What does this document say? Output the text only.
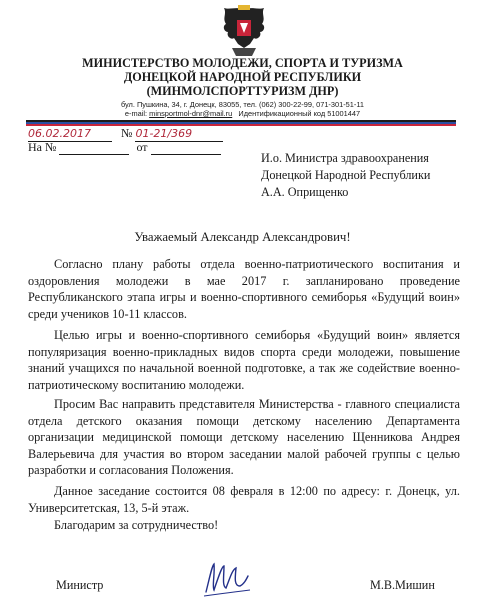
МИНИСТЕРСТВО МОЛОДЕЖИ, СПОРТА И ТУРИЗМА
ДОНЕЦКОЙ НАРОДНОЙ РЕСПУБЛИКИ
(МИНМОЛСПОРТТУРИЗМ ДНР)
бул. Пушкина, 34, г. Донецк, 83055, тел. (062) 300-22-99, 071-301-51-11
e-mail: minsportmol-dnr@mail.ru Идентификационный код 51001447
06.02.2017	№ 01-21/369
На №	от
И.о. Министра здравоохранения
Донецкой Народной Республики
А.А. Оприщенко
Уважаемый Александр Александрович!

Согласно плану работы отдела военно-патриотического воспитания и оздоровления молодежи в мае 2017 г. запланировано проведение Республиканского этапа игры и военно-спортивного семиборья «Будущий воин» среди учеников 10-11 классов.

Целью игры и военно-спортивного семиборья «Будущий воин» является популяризация военно-прикладных видов спорта среди молодежи, повышение знаний учащихся по начальной военной подготовке, а так же содействие военно-патриотическому воспитанию молодежи.

Просим Вас направить представителя Министерства - главного специалиста отдела детского оказания помощи детскому населению Департамента организации медицинской помощи детскому населению Щенникова Андрея Валерьевича для участия во втором заседании малой рабочей группы с целью разработки и согласования Положения.

Данное заседание состоится 08 февраля в 12:00 по адресу: г. Донецк, ул. Университетская, 13, 5-й этаж.

Благодарим за сотрудничество!

Министр	М.В.Мишин
